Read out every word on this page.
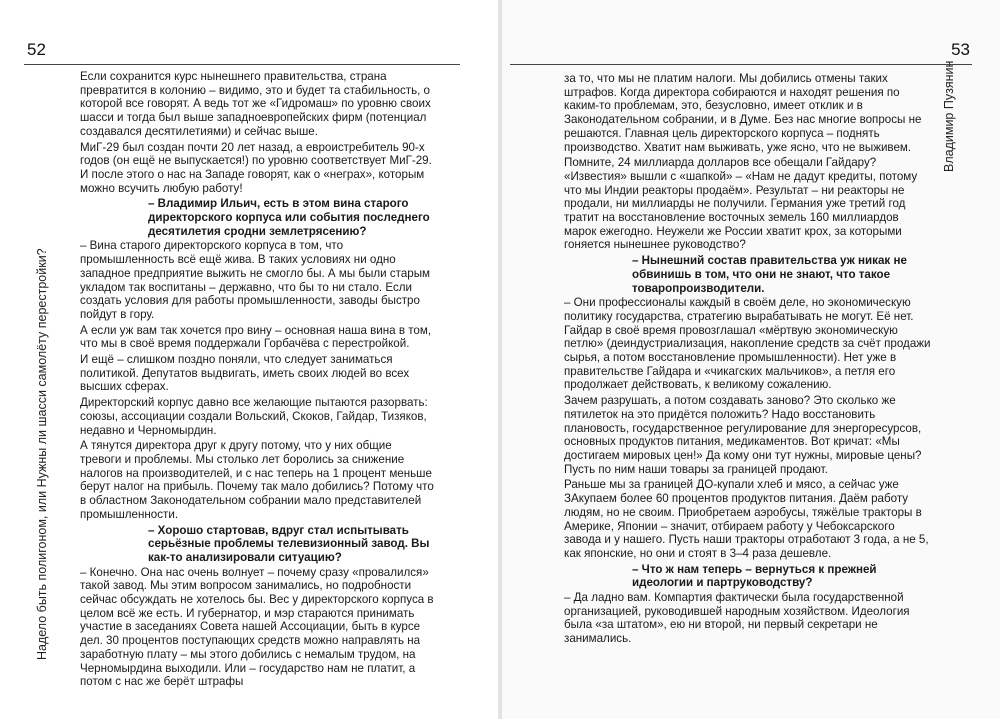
52
Надело быть полигоном, или Нужны ли шасси самолёту перестройки?

Если сохранится курс нынешнего правительства, страна превратится в колонию – видимо, это и будет та стабильность, о которой все говорят. А ведь тот же «Гидромаш» по уровню своих шасси и тогда был выше западноевропейских фирм (потенциал создавался десятилетиями) и сейчас выше.

МиГ-29 был создан почти 20 лет назад, а евроистребитель 90-х годов (он ещё не выпускается!) по уровню соответствует МиГ-29. И после этого о нас на Западе говорят, как о «неграх», которым можно всучить любую работу!

– Владимир Ильич, есть в этом вина старого директорского корпуса или события последнего десятилетия сродни землетрясению?

– Вина старого директорского корпуса в том, что промышленность всё ещё жива. В таких условиях ни одно западное предприятие выжить не смогло бы. А мы были старым укладом так воспитаны – державно, что бы то ни стало. Если создать условия для работы промышленности, заводы быстро пойдут в гору.

А если уж вам так хочется про вину – основная наша вина в том, что мы в своё время поддержали Горбачёва с перестройкой.

И ещё – слишком поздно поняли, что следует заниматься политикой. Депутатов выдвигать, иметь своих людей во всех высших сферах.

Директорский корпус давно все желающие пытаются разорвать: союзы, ассоциации создали Вольский, Скоков, Гайдар, Тизяков, недавно и Черномырдин.

А тянутся директора друг к другу потому, что у них общие тревоги и проблемы. Мы столько лет боролись за снижение налогов на производителей, и с нас теперь на 1 процент меньше берут налог на прибыль. Почему так мало добились? Потому что в областном Законодательном собрании мало представителей промышленности.

– Хорошо стартовав, вдруг стал испытывать серьёзные проблемы телевизионный завод. Вы как-то анализировали ситуацию?

– Конечно. Она нас очень волнует – почему сразу «провалился» такой завод. Мы этим вопросом занимались, но подробности сейчас обсуждать не хотелось бы. Вес у директорского корпуса в целом всё же есть. И губернатор, и мэр стараются принимать участие в заседаниях Совета нашей Ассоциации, быть в курсе дел. 30 процентов поступающих средств можно направлять на заработную плату – мы этого добились с немалым трудом, на Черномырдина выходили. Или – государство нам не платит, а потом с нас же берёт штрафы

53
Владимир Пузянин

за то, что мы не платим налоги. Мы добились отмены таких штрафов. Когда директора собираются и находят решения по каким-то проблемам, это, безусловно, имеет отклик и в Законодательном собрании, и в Думе. Без нас многие вопросы не решаются. Главная цель директорского корпуса – поднять производство. Хватит нам выживать, уже ясно, что не выживем.

Помните, 24 миллиарда долларов все обещали Гайдару? «Известия» вышли с «шапкой» – «Нам не дадут кредиты, потому что мы Индии реакторы продаём». Результат – ни реакторы не продали, ни миллиарды не получили. Германия уже третий год тратит на восстановление восточных земель 160 миллиардов марок ежегодно. Неужели же России хватит крох, за которыми гоняется нынешнее руководство?

– Нынешний состав правительства уж никак не обвинишь в том, что они не знают, что такое товаропроизводители.

– Они профессионалы каждый в своём деле, но экономическую политику государства, стратегию вырабатывать не могут. Её нет. Гайдар в своё время провозглашал «мёртвую экономическую петлю» (деиндустриализация, накопление средств за счёт продажи сырья, а потом восстановление промышленности). Нет уже в правительстве Гайдара и «чикагских мальчиков», а петля его продолжает действовать, к великому сожалению.

Зачем разрушать, а потом создавать заново? Это сколько же пятилеток на это придётся положить? Надо восстановить плановость, государственное регулирование для энергоресурсов, основных продуктов питания, медикаментов. Вот кричат: «Мы достигаем мировых цен!» Да кому они тут нужны, мировые цены? Пусть по ним наши товары за границей продают.

Раньше мы за границей ДО-купали хлеб и мясо, а сейчас уже ЗАкупаем более 60 процентов продуктов питания. Даём работу людям, но не своим. Приобретаем аэробусы, тяжёлые тракторы в Америке, Японии – значит, отбираем работу у Чебоксарского завода и у нашего. Пусть наши тракторы отработают 3 года, а не 5, как японские, но они и стоят в 3–4 раза дешевле.

– Что ж нам теперь – вернуться к прежней идеологии и партруководству?

– Да ладно вам. Компартия фактически была государственной организацией, руководившей народным хозяйством. Идеология была «за штатом», ею ни второй, ни первый секретари не занимались.
